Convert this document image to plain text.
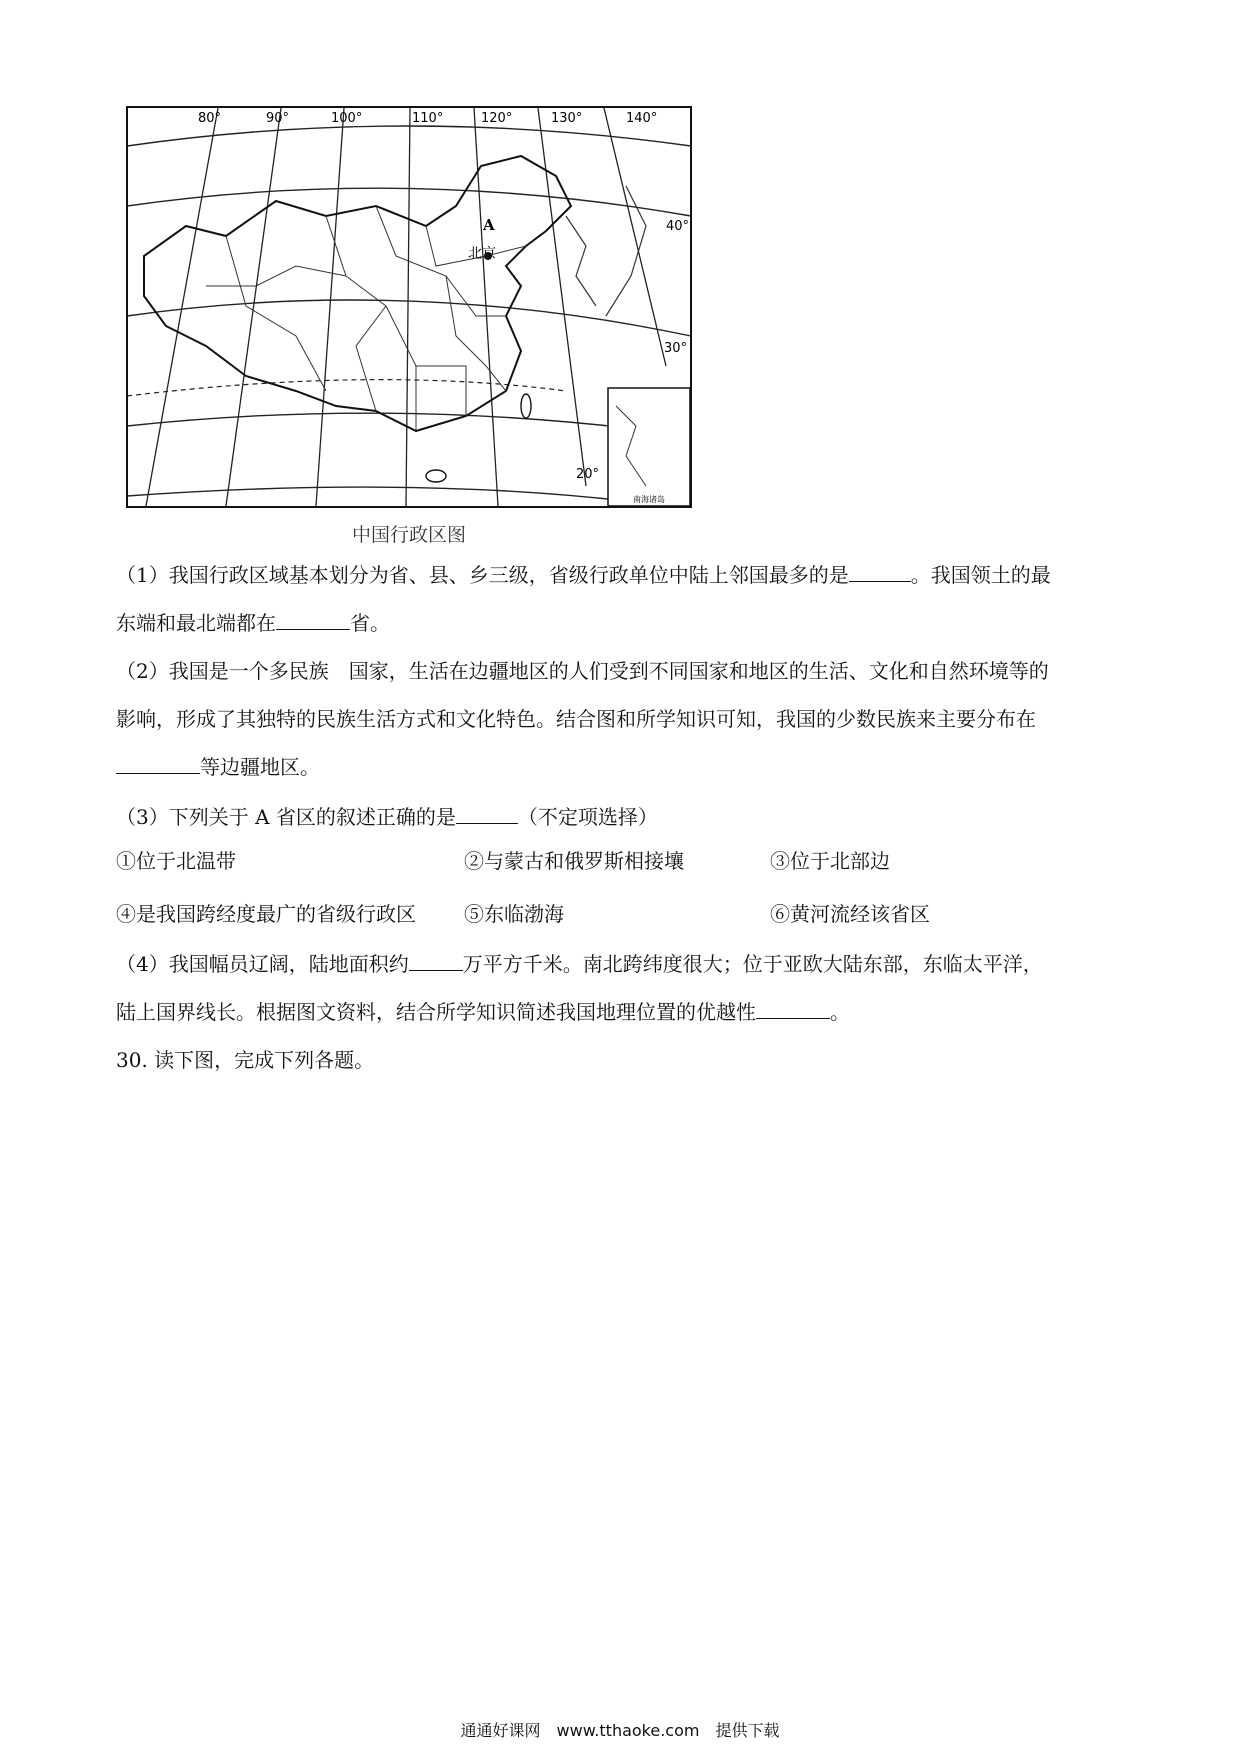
南海诸岛
A
北京
80°	90°	100°	110°	120°	130°	140°
40°
30°
20°
中国行政区图
（1）我国行政区域基本划分为省、县、乡三级，省级行政单位中陆上邻国最多的是	。我国领土的最
东端和最北端都在	省。
（2）我国是一个多民族　国家，生活在边疆地区的人们受到不同国家和地区的生活、文化和自然环境等的
影响，形成了其独特的民族生活方式和文化特色。结合图和所学知识可知，我国的少数民族来主要分布在
等边疆地区。
（3）下列关于 A 省区的叙述正确的是	（不定项选择）
①位于北温带	②与蒙古和俄罗斯相接壤	③位于北部边
④是我国跨经度最广的省级行政区 ⑤东临渤海	⑥黄河流经该省区
（4）我国幅员辽阔，陆地面积约	万平方千米。南北跨纬度很大；位于亚欧大陆东部，东临太平洋，
陆上国界线长。根据图文资料，结合所学知识简述我国地理位置的优越性	。
30. 读下图，完成下列各题。
通通好课网　www.tthaoke.com　提供下载
